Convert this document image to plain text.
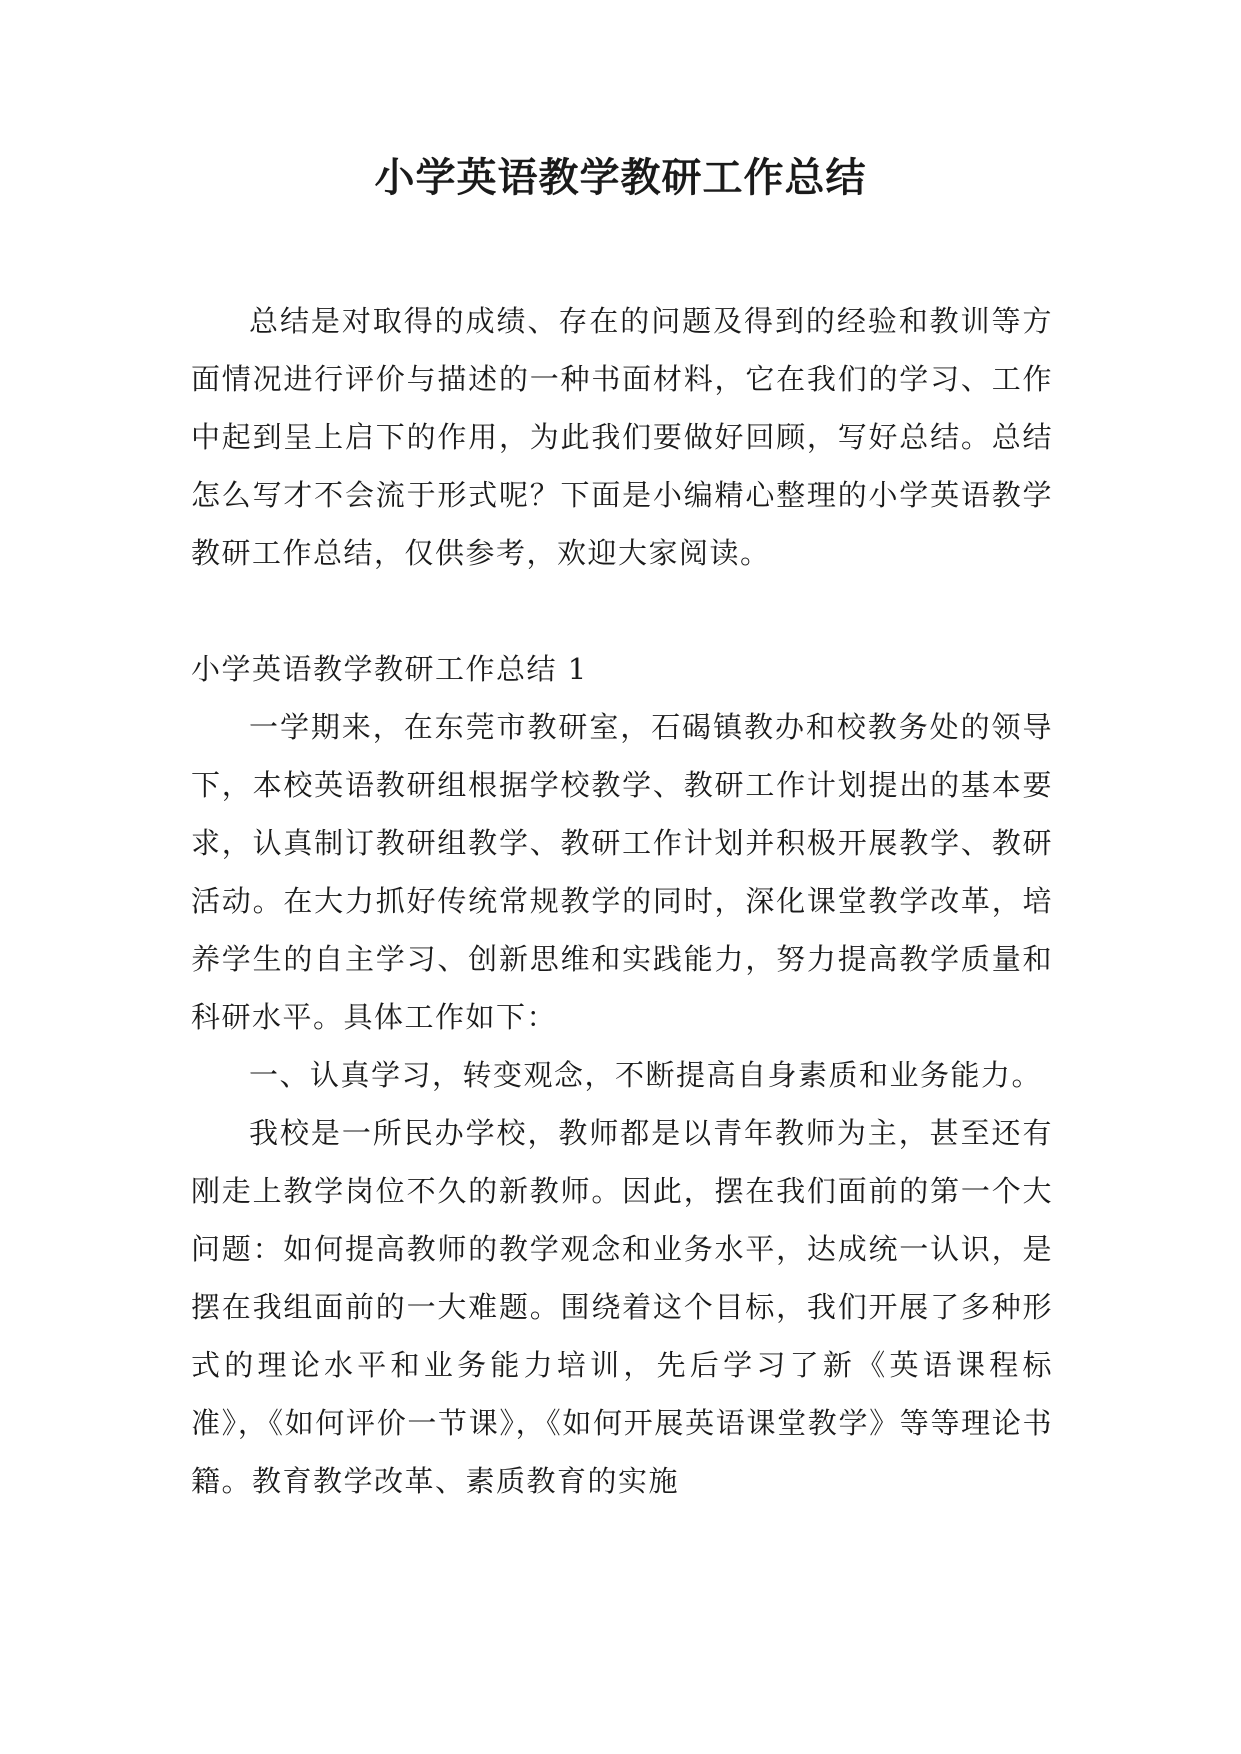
小学英语教学教研工作总结

总结是对取得的成绩、存在的问题及得到的经验和教训等方面情况进行评价与描述的一种书面材料，它在我们的学习、工作中起到呈上启下的作用，为此我们要做好回顾，写好总结。总结怎么写才不会流于形式呢？下面是小编精心整理的小学英语教学教研工作总结，仅供参考，欢迎大家阅读。

小学英语教学教研工作总结 1

一学期来，在东莞市教研室，石碣镇教办和校教务处的领导下，本校英语教研组根据学校教学、教研工作计划提出的基本要求，认真制订教研组教学、教研工作计划并积极开展教学、教研活动。在大力抓好传统常规教学的同时，深化课堂教学改革，培养学生的自主学习、创新思维和实践能力，努力提高教学质量和科研水平。具体工作如下：

一、认真学习，转变观念，不断提高自身素质和业务能力。

我校是一所民办学校，教师都是以青年教师为主，甚至还有刚走上教学岗位不久的新教师。因此，摆在我们面前的第一个大问题：如何提高教师的教学观念和业务水平，达成统一认识，是摆在我组面前的一大难题。围绕着这个目标，我们开展了多种形式的理论水平和业务能力培训，先后学习了新《英语课程标准》，《如何评价一节课》，《如何开展英语课堂教学》等等理论书籍。教育教学改革、素质教育的实施
